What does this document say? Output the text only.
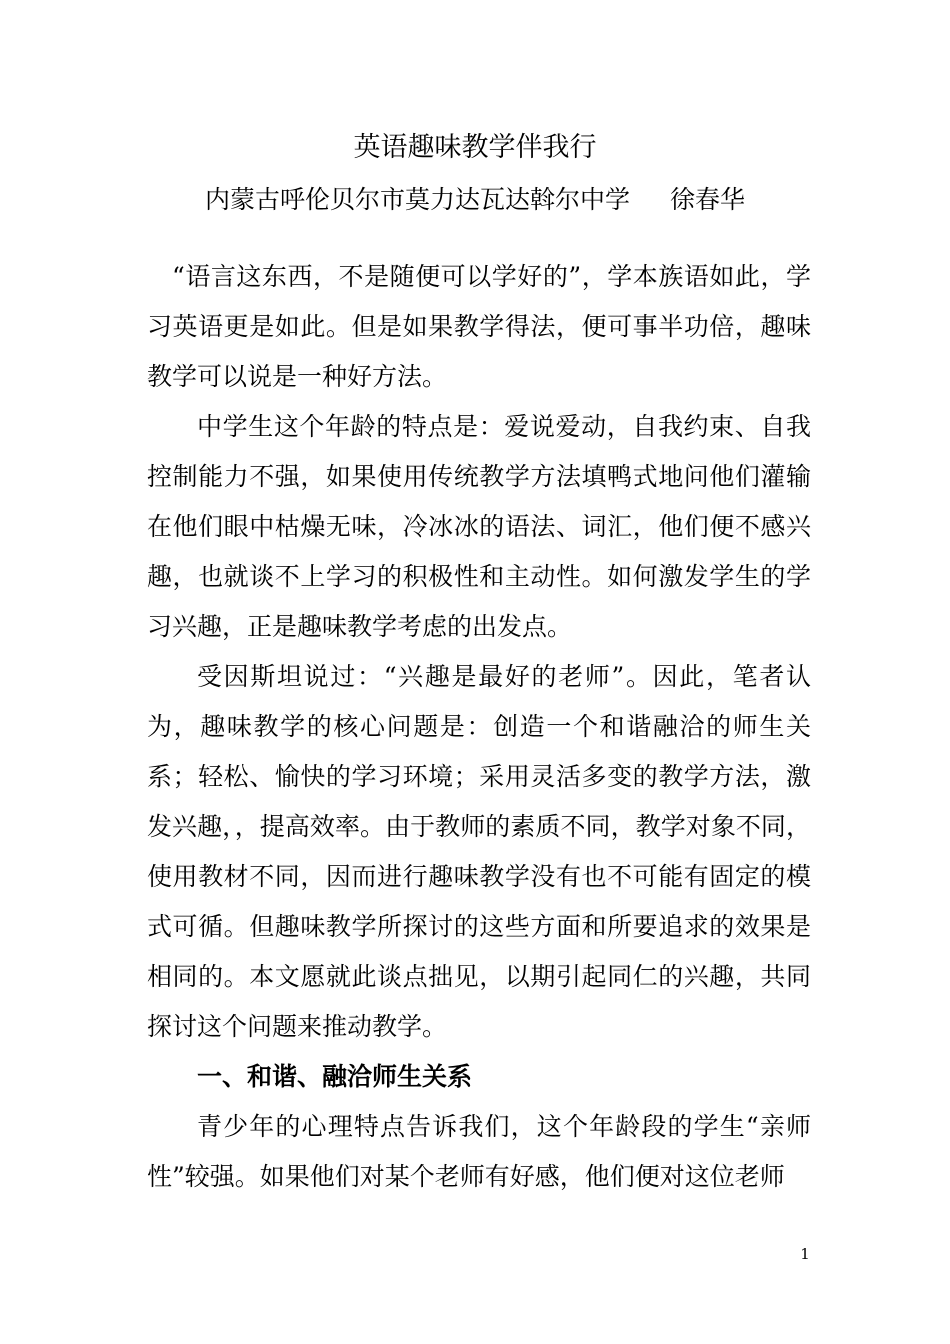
英语趣味教学伴我行
内蒙古呼伦贝尔市莫力达瓦达斡尔中学 徐春华

“语言这东西，不是随便可以学好的”，学本族语如此，学习英语更是如此。但是如果教学得法，便可事半功倍，趣味教学可以说是一种好方法。

中学生这个年龄的特点是：爱说爱动，自我约束、自我控制能力不强，如果使用传统教学方法填鸭式地问他们灌输在他们眼中枯燥无味，冷冰冰的语法、词汇，他们便不感兴趣，也就谈不上学习的积极性和主动性。如何激发学生的学习兴趣，正是趣味教学考虑的出发点。

受因斯坦说过：“兴趣是最好的老师”。因此，笔者认为，趣味教学的核心问题是：创造一个和谐融洽的师生关系；轻松、愉快的学习环境；采用灵活多变的教学方法，激发兴趣，，提高效率。由于教师的素质不同，教学对象不同，使用教材不同，因而进行趣味教学没有也不可能有固定的模式可循。但趣味教学所探讨的这些方面和所要追求的效果是相同的。本文愿就此谈点拙见，以期引起同仁的兴趣，共同探讨这个问题来推动教学。

一、和谐、融洽师生关系

青少年的心理特点告诉我们，这个年龄段的学生“亲师性”较强。如果他们对某个老师有好感，他们便对这位老师

1
